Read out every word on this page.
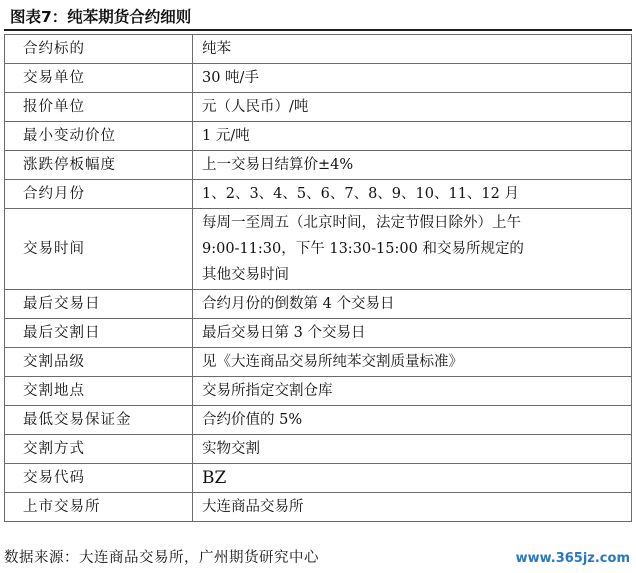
图表7：纯苯期货合约细则
合约标的	纯苯
交易单位	30 吨/手
报价单位	元（人民币）/吨
最小变动价位	1 元/吨
涨跌停板幅度	上一交易日结算价±4%
合约月份	1、2、3、4、5、6、7、8、9、10、11、12 月
交易时间	每周一至周五（北京时间，法定节假日除外）上午
9:00-11:30，下午 13:30-15:00 和交易所规定的
其他交易时间

最后交易日	合约月份的倒数第 4 个交易日
最后交割日	最后交易日第 3 个交易日
交割品级	见《大连商品交易所纯苯交割质量标准》
交割地点	交易所指定交割仓库
最低交易保证金	合约价值的 5%
交割方式	实物交割
交易代码	BZ
上市交易所	大连商品交易所
数据来源：大连商品交易所，广州期货研究中心	www.365jz.com
